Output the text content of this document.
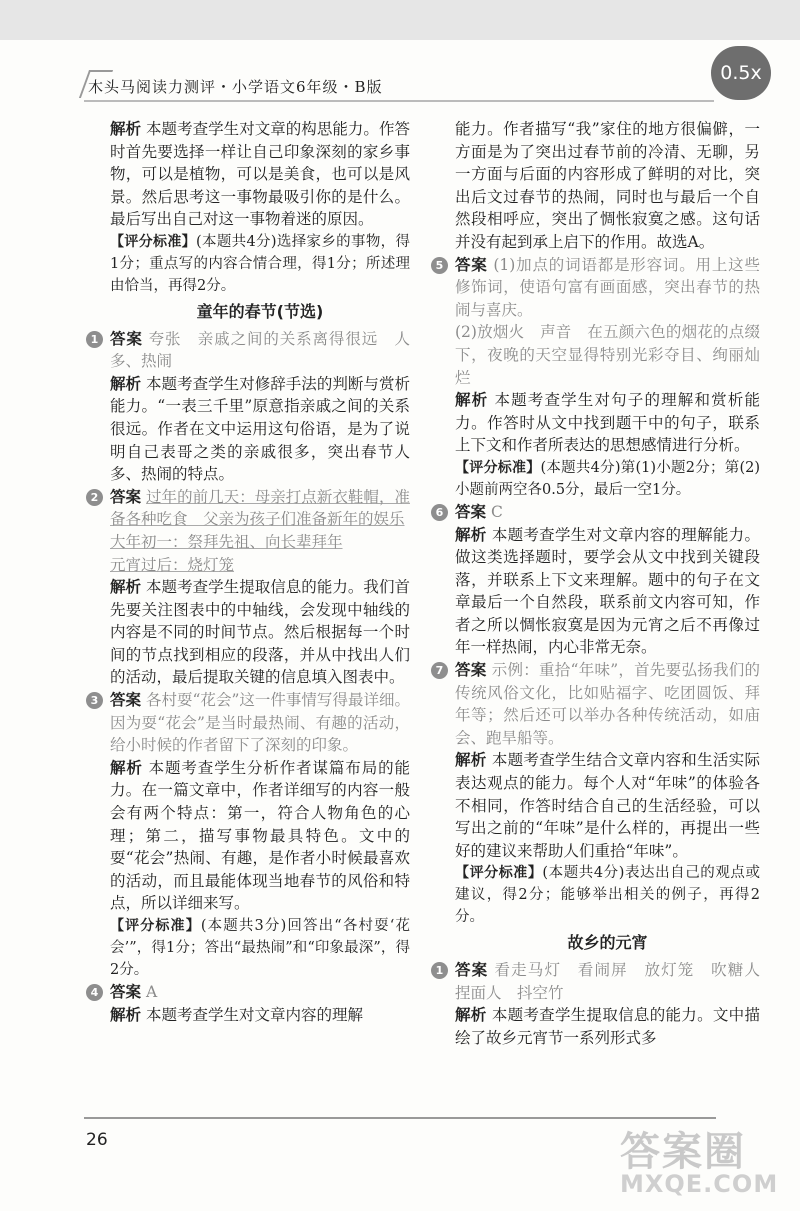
0.5x
木头马阅读力测评・小学语文6年级・B版

解析 本题考查学生对文章的构思能力。作答时首先要选择一样让自己印象深刻的家乡事物，可以是植物，可以是美食，也可以是风景。然后思考这一事物最吸引你的是什么。最后写出自己对这一事物着迷的原因。

【评分标准】(本题共4分)选择家乡的事物，得1分；重点写的内容合情合理，得1分；所述理由恰当，再得2分。

童年的春节(节选)
1 答案 夸张　亲戚之间的关系离得很远　人多、热闹

解析 本题考查学生对修辞手法的判断与赏析能力。“一表三千里”原意指亲戚之间的关系很远。作者在文中运用这句俗语，是为了说明自己表哥之类的亲戚很多，突出春节人多、热闹的特点。

2 答案 过年的前几天：母亲打点新衣鞋帽，准备各种吃食　父亲为孩子们准备新年的娱乐

大年初一：祭拜先祖、向长辈拜年

元宵过后：烧灯笼

解析 本题考查学生提取信息的能力。我们首先要关注图表中的中轴线，会发现中轴线的内容是不同的时间节点。然后根据每一个时间的节点找到相应的段落，并从中找出人们的活动，最后提取关键的信息填入图表中。

3 答案 各村耍“花会”这一件事情写得最详细。因为耍“花会”是当时最热闹、有趣的活动，给小时候的作者留下了深刻的印象。

解析 本题考查学生分析作者谋篇布局的能力。在一篇文章中，作者详细写的内容一般会有两个特点：第一，符合人物角色的心理；第二，描写事物最具特色。文中的耍“花会”热闹、有趣，是作者小时候最喜欢的活动，而且最能体现当地春节的风俗和特点，所以详细来写。

【评分标准】(本题共3分)回答出“各村耍‘花会’”，得1分；答出“最热闹”和“印象最深”，得2分。

4 答案 A

解析 本题考查学生对文章内容的理解

能力。作者描写“我”家住的地方很偏僻，一方面是为了突出过春节前的冷清、无聊，另一方面与后面的内容形成了鲜明的对比，突出后文过春节的热闹，同时也与最后一个自然段相呼应，突出了惆怅寂寞之感。这句话并没有起到承上启下的作用。故选A。

5 答案 (1)加点的词语都是形容词。用上这些修饰词，使语句富有画面感，突出春节的热闹与喜庆。

(2)放烟火　声音　在五颜六色的烟花的点缀下，夜晚的天空显得特别光彩夺目、绚丽灿烂

解析 本题考查学生对句子的理解和赏析能力。作答时从文中找到题干中的句子，联系上下文和作者所表达的思想感情进行分析。

【评分标准】(本题共4分)第(1)小题2分；第(2)小题前两空各0.5分，最后一空1分。

6 答案 C

解析 本题考查学生对文章内容的理解能力。做这类选择题时，要学会从文中找到关键段落，并联系上下文来理解。题中的句子在文章最后一个自然段，联系前文内容可知，作者之所以惆怅寂寞是因为元宵之后不再像过年一样热闹，内心非常无奈。

7 答案 示例：重拾“年味”，首先要弘扬我们的传统风俗文化，比如贴福字、吃团圆饭、拜年等；然后还可以举办各种传统活动，如庙会、跑旱船等。

解析 本题考查学生结合文章内容和生活实际表达观点的能力。每个人对“年味”的体验各不相同，作答时结合自己的生活经验，可以写出之前的“年味”是什么样的，再提出一些好的建议来帮助人们重拾“年味”。

【评分标准】(本题共4分)表达出自己的观点或建议，得2分；能够举出相关的例子，再得2分。

故乡的元宵
1 答案 看走马灯　看闹屏　放灯笼　吹糖人　捏面人　抖空竹

解析 本题考查学生提取信息的能力。文中描绘了故乡元宵节一系列形式多

26	答案圈
MXQE.COM
